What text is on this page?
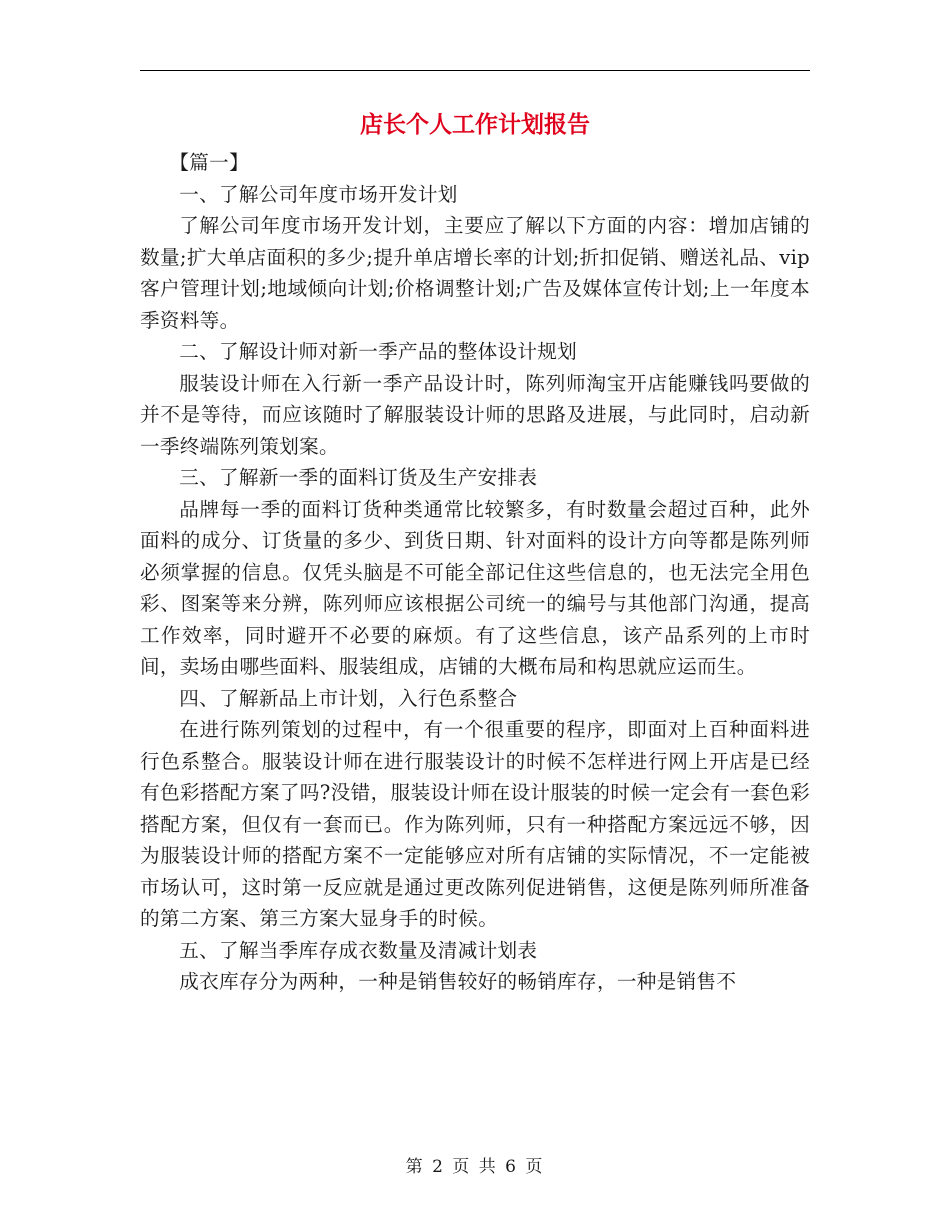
店长个人工作计划报告

【篇一】

一、了解公司年度市场开发计划

了解公司年度市场开发计划，主要应了解以下方面的内容：增加店铺的数量;扩大单店面积的多少;提升单店增长率的计划;折扣促销、赠送礼品、vip客户管理计划;地域倾向计划;价格调整计划;广告及媒体宣传计划;上一年度本季资料等。

二、了解设计师对新一季产品的整体设计规划

服装设计师在入行新一季产品设计时，陈列师淘宝开店能赚钱吗要做的并不是等待，而应该随时了解服装设计师的思路及进展，与此同时，启动新一季终端陈列策划案。

三、了解新一季的面料订货及生产安排表

品牌每一季的面料订货种类通常比较繁多，有时数量会超过百种，此外面料的成分、订货量的多少、到货日期、针对面料的设计方向等都是陈列师必须掌握的信息。仅凭头脑是不可能全部记住这些信息的，也无法完全用色彩、图案等来分辨，陈列师应该根据公司统一的编号与其他部门沟通，提高工作效率，同时避开不必要的麻烦。有了这些信息，该产品系列的上市时间，卖场由哪些面料、服装组成，店铺的大概布局和构思就应运而生。

四、了解新品上市计划，入行色系整合

在进行陈列策划的过程中，有一个很重要的程序，即面对上百种面料进行色系整合。服装设计师在进行服装设计的时候不怎样进行网上开店是已经有色彩搭配方案了吗?没错，服装设计师在设计服装的时候一定会有一套色彩搭配方案，但仅有一套而已。作为陈列师，只有一种搭配方案远远不够，因为服装设计师的搭配方案不一定能够应对所有店铺的实际情况，不一定能被市场认可，这时第一反应就是通过更改陈列促进销售，这便是陈列师所准备的第二方案、第三方案大显身手的时候。

五、了解当季库存成衣数量及清减计划表

成衣库存分为两种，一种是销售较好的畅销库存，一种是销售不

第 2 页 共 6 页
